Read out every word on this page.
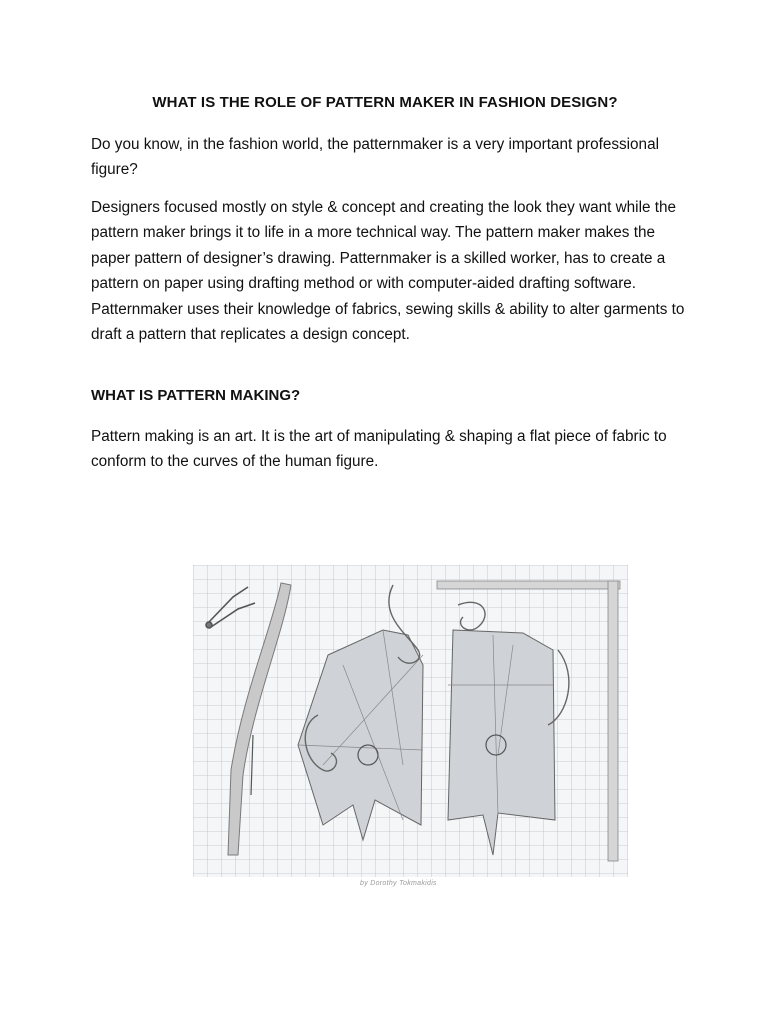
WHAT IS THE ROLE OF PATTERN MAKER IN FASHION DESIGN?

Do you know, in the fashion world, the patternmaker is a very important professional figure?

Designers focused mostly on style & concept and creating the look they want while the pattern maker brings it to life in a more technical way. The pattern maker makes the paper pattern of designer’s drawing. Patternmaker is a skilled worker, has to create a pattern on paper using drafting method or with computer-aided drafting software. Patternmaker uses their knowledge of fabrics, sewing skills & ability to alter garments to draft a pattern that replicates a design concept.

WHAT IS PATTERN MAKING?

Pattern making is an art. It is the art of manipulating & shaping a flat piece of fabric to conform to the curves of the human figure.

by Dorothy Tokmakidis
